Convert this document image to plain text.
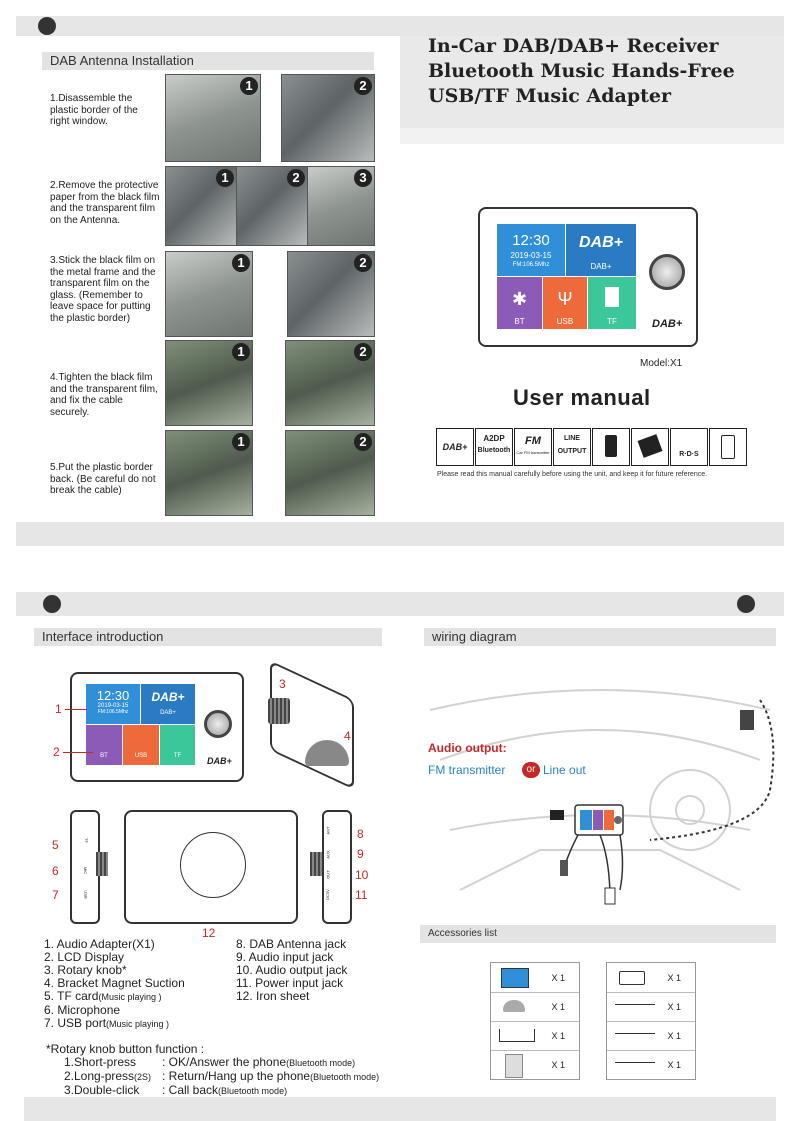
DAB Antenna Installation
In-Car DAB/DAB+ Receiver
Bluetooth Music Hands-Free
USB/TF Music Adapter
1.Disassemble the plastic border of the right window.
2.Remove the protective paper from the black film and the transparent film on the Antenna.
3.Stick the black film on the metal frame and the transparent film on the glass. (Remember to leave space for putting the plastic border)
4.Tighten the black film and the transparent film, and fix the cable securely.
5.Put the plastic border back. (Be careful do not break the cable)
1	2
1	2	3
1	2
1	2
1	2
12:30
2019-03-15
FM:106.5Mhz
DAB+
DAB+
✱
BT
Ψ
USB	TF	DAB+
Model:X1
User manual
DAB+
A2DP
Bluetooth
FM
Car FM transmitter
LINE
OUTPUT	R·D·S
Please read this manual carefully before using the unit, and keep it for future reference.
Interface introduction	wiring diagram
12:30
2019-03-15
FM:106.5Mhz
DAB+
DAB+
BT	USB	TF	DAB+
1
2
3
4
12
TF
MIC
USB
5
6
7
ANT
AUX
OUT
DC5V
8
9
10
11
1. Audio Adapter(X1)
2. LCD Display
3. Rotary knob*
4. Bracket Magnet Suction
5. TF card(Music playing )
6. Microphone
7. USB port(Music playing )
8. DAB Antenna jack
9. Audio input jack
10. Audio output jack
11. Power input jack
12. Iron sheet
*Rotary knob button function :
1.Short-press : OK/Answer the phone(Bluetooth mode)
2.Long-press(2S) : Return/Hang up the phone(Bluetooth mode)
3.Double-click : Call back(Bluetooth mode)
Audio output:
FM transmitter	or Line out
Accessories list
X 1
X 1
X 1
X 1
X 1
X 1
X 1
X 1
